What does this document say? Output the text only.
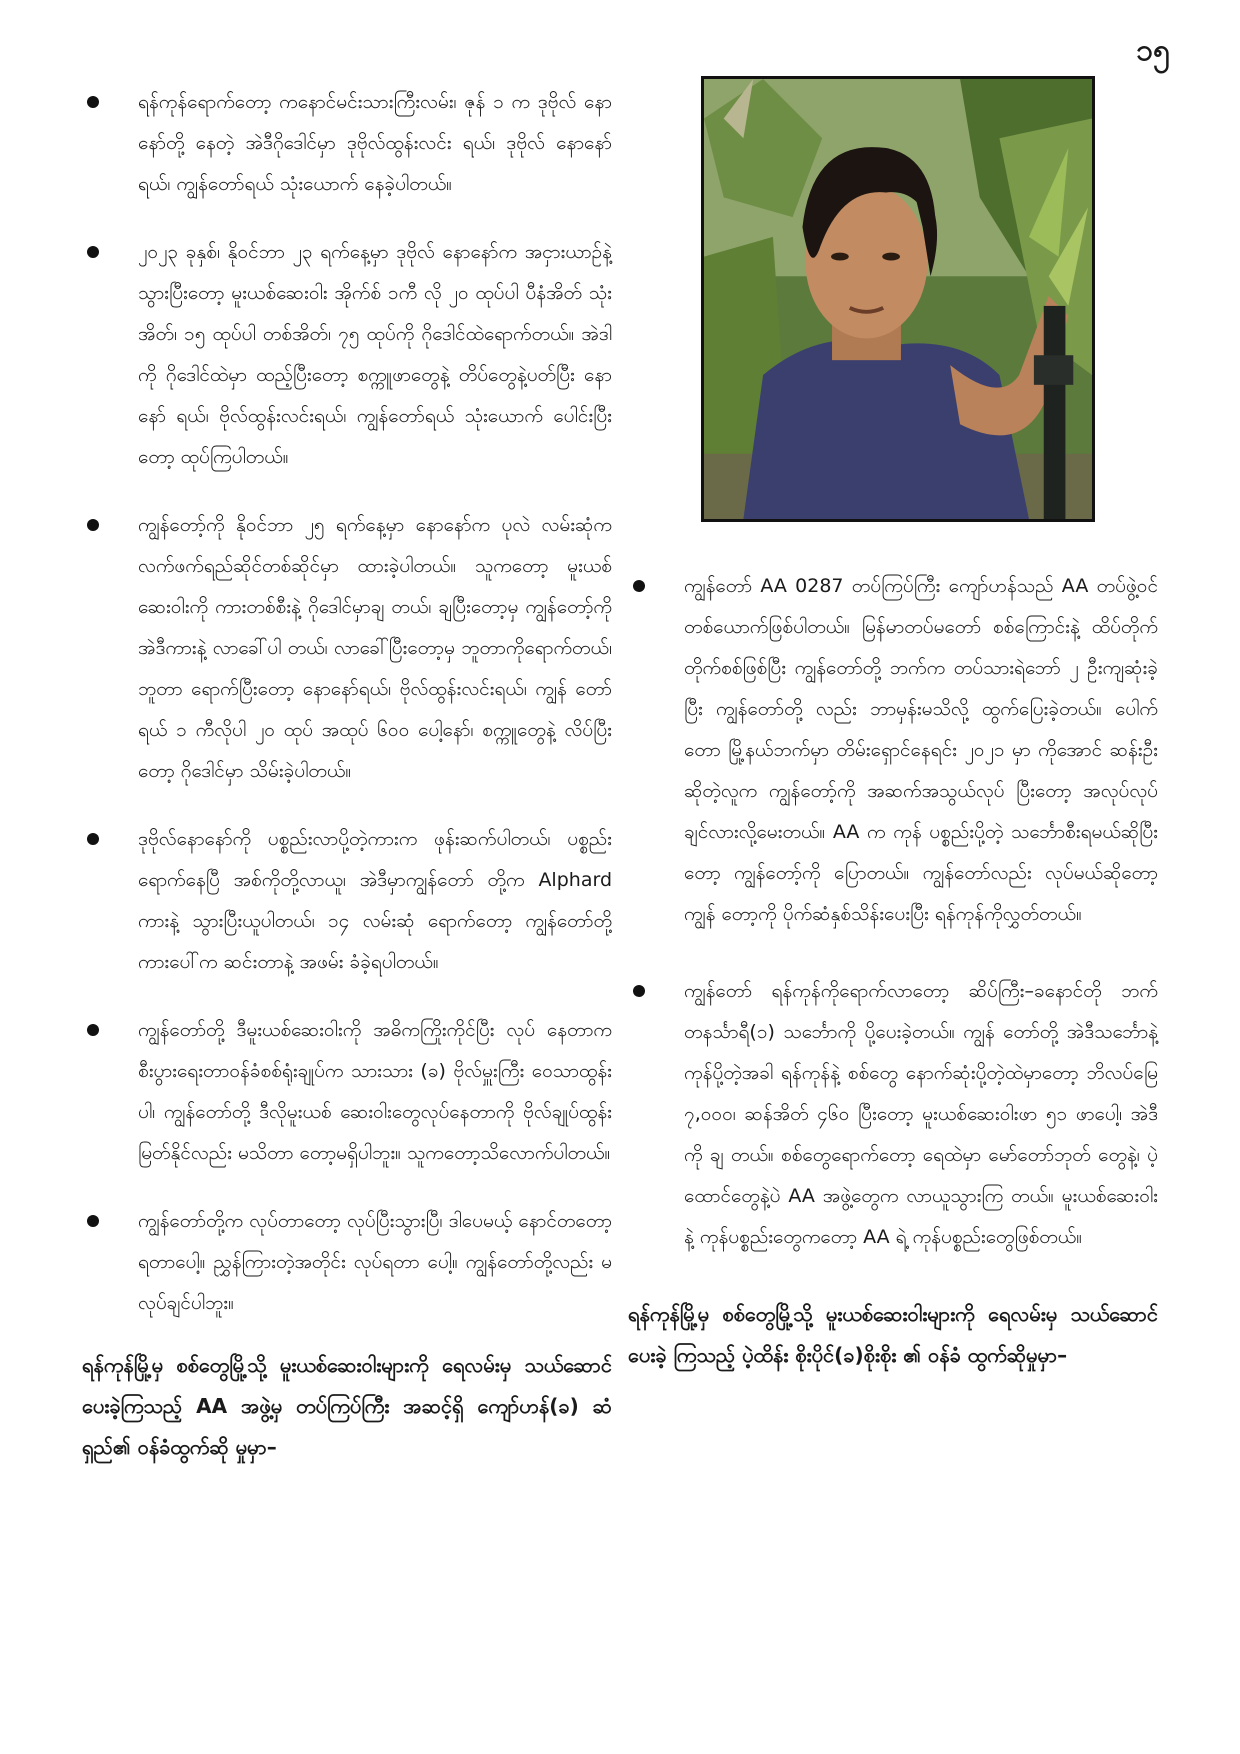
၁၅
ရန်ကုန်ရောက်တော့ ကနောင်မင်းသားကြီးလမ်း၊ ဇုန် ၁ က ဒုဗိုလ် နောနော်တို့ နေတဲ့ အဲဒီဂိုဒေါင်မှာ ဒုဗိုလ်ထွန်းလင်း ရယ်၊ ဒုဗိုလ် နောနော်ရယ်၊ ကျွန်တော်ရယ် သုံးယောက် နေခဲ့ပါတယ်။
၂၀၂၃ ခုနှစ်၊ နိုဝင်ဘာ ၂၃ ရက်နေ့မှာ ဒုဗိုလ် နောနော်က အငှားယာဉ်နဲ့ သွားပြီးတော့ မူးယစ်ဆေးဝါး အိုက်စ် ၁ကီ လို ၂၀ ထုပ်ပါ ပီနံအိတ် သုံးအိတ်၊ ၁၅ ထုပ်ပါ တစ်အိတ်၊ ၇၅ ထုပ်ကို ဂိုဒေါင်ထဲရောက်တယ်။ အဲဒါကို ဂိုဒေါင်ထဲမှာ ထည့်ပြီးတော့ စက္ကူဖာတွေနဲ့ တိပ်တွေနဲ့ပတ်ပြီး နောနော် ရယ်၊ ဗိုလ်ထွန်းလင်းရယ်၊ ကျွန်တော်ရယ် သုံးယောက် ပေါင်းပြီးတော့ ထုပ်ကြပါတယ်။
ကျွန်တော့်ကို နိုဝင်ဘာ ၂၅ ရက်နေ့မှာ နောနော်က ပုလဲ လမ်းဆုံက လက်ဖက်ရည်ဆိုင်တစ်ဆိုင်မှာ ထားခဲ့ပါတယ်။ သူကတော့ မူးယစ်ဆေးဝါးကို ကားတစ်စီးနဲ့ ဂိုဒေါင်မှာချ တယ်၊ ချပြီးတော့မှ ကျွန်တော့်ကို အဲဒီကားနဲ့ လာခေါ်ပါ တယ်၊ လာခေါ်ပြီးတော့မှ ဘူတာကိုရောက်တယ်၊ ဘူတာ ရောက်ပြီးတော့ နောနော်ရယ်၊ ဗိုလ်ထွန်းလင်းရယ်၊ ကျွန် တော်ရယ် ၁ ကီလိုပါ ၂၀ ထုပ် အထုပ် ၆၀၀ ပေါ့နော်၊ စက္ကူတွေနဲ့ လိပ်ပြီးတော့ ဂိုဒေါင်မှာ သိမ်းခဲ့ပါတယ်။
ဒုဗိုလ်နောနော်ကို ပစ္စည်းလာပို့တဲ့ကားက ဖုန်းဆက်ပါတယ်၊ ပစ္စည်းရောက်နေပြီ အစ်ကိုတို့လာယူ၊ အဲဒီမှာကျွန်တော် တို့က Alphard ကားနဲ့ သွားပြီးယူပါတယ်၊ ၁၄ လမ်းဆုံ ရောက်တော့ ကျွန်တော်တို့ ကားပေါ်က ဆင်းတာနဲ့ အဖမ်း ခံခဲ့ရပါတယ်။
ကျွန်တော်တို့ ဒီမူးယစ်ဆေးဝါးကို အဓိကကြိုးကိုင်ပြီး လုပ် နေတာက စီးပွားရေးတာဝန်ခံစစ်ရုံးချုပ်က သားသား (ခ) ဗိုလ်မှူးကြီး ဝေသာထွန်းပါ၊ ကျွန်တော်တို့ ဒီလိုမူးယစ် ဆေးဝါးတွေလုပ်နေတာကို ဗိုလ်ချုပ်ထွန်းမြတ်နိုင်လည်း မသိတာ တော့မရှိပါဘူး။ သူကတော့သိလောက်ပါတယ်။
ကျွန်တော်တို့က လုပ်တာတော့ လုပ်ပြီးသွားပြီ၊ ဒါပေမယ့် နောင်တတော့ရတာပေါ့။ ညွှန်ကြားတဲ့အတိုင်း လုပ်ရတာ ပေါ့။ ကျွန်တော်တို့လည်း မလုပ်ချင်ပါဘူး။

ရန်ကုန်မြို့မှ စစ်တွေမြို့သို့ မူးယစ်ဆေးဝါးများကို ရေလမ်းမှ သယ်ဆောင်ပေးခဲ့ကြသည့် AA အဖွဲ့မှ တပ်ကြပ်ကြီး အဆင့်ရှိ ကျော်ဟန်(ခ) ဆံရှည်၏ ဝန်ခံထွက်ဆို မှုမှာ–

ကျွန်တော် AA 0287 တပ်ကြပ်ကြီး ကျော်ဟန်သည် AA တပ်ဖွဲ့ဝင် တစ်ယောက်ဖြစ်ပါတယ်။ မြန်မာတပ်မတော် စစ်ကြောင်းနဲ့ ထိပ်တိုက်တိုက်စစ်ဖြစ်ပြီး ကျွန်တော်တို့ ဘက်က တပ်သားရဲဘော် ၂ ဦးကျဆုံးခဲ့ပြီး ကျွန်တော်တို့ လည်း ဘာမှန်းမသိလို့ ထွက်ပြေးခဲ့တယ်။ ပေါက်တော မြို့နယ်ဘက်မှာ တိမ်းရှောင်နေရင်း ၂၀၂၁ မှာ ကိုအောင် ဆန်းဦးဆိုတဲ့လူက ကျွန်တော့်ကို အဆက်အသွယ်လုပ် ပြီးတော့ အလုပ်လုပ်ချင်လားလို့မေးတယ်။ AA က ကုန် ပစ္စည်းပို့တဲ့ သင်္ဘောစီးရမယ်ဆိုပြီးတော့ ကျွန်တော့်ကို ပြောတယ်။ ကျွန်တော်လည်း လုပ်မယ်ဆိုတော့ ကျွန် တော့ကို ပိုက်ဆံနှစ်သိန်းပေးပြီး ရန်ကုန်ကိုလွှတ်တယ်။
ကျွန်တော် ရန်ကုန်ကိုရောက်လာတော့ ဆိပ်ကြီး–ခနောင်တို ဘက် တနင်္သာရီ(၁) သင်္ဘောကို ပို့ပေးခဲ့တယ်။ ကျွန် တော်တို့ အဲဒီသင်္ဘောနဲ့ ကုန်ပို့တဲ့အခါ ရန်ကုန်နဲ့ စစ်တွေ နောက်ဆုံးပို့တဲ့ထဲမှာတော့ ဘိလပ်မြေ ၇,၀၀၀၊ ဆန်အိတ် ၄၆၀ ပြီးတော့ မူးယစ်ဆေးဝါးဖာ ၅၁ ဖာပေါ့၊ အဲဒီကို ချ တယ်။ စစ်တွေရောက်တော့ ရေထဲမှာ မော်တော်ဘုတ် တွေနဲ့၊ ပဲ့ထောင်တွေနဲ့ပဲ AA အဖွဲ့တွေက လာယူသွားကြ တယ်။ မူးယစ်ဆေးဝါးနဲ့ ကုန်ပစ္စည်းတွေကတော့ AA ရဲ့ ကုန်ပစ္စည်းတွေဖြစ်တယ်။

ရန်ကုန်မြို့မှ စစ်တွေမြို့သို့ မူးယစ်ဆေးဝါးများကို ရေလမ်းမှ သယ်ဆောင်ပေးခဲ့ ကြသည့် ပဲ့ထိန်း စိုးပိုင်(ခ)စိုးစိုး ၏ ဝန်ခံ ထွက်ဆိုမှုမှာ–
